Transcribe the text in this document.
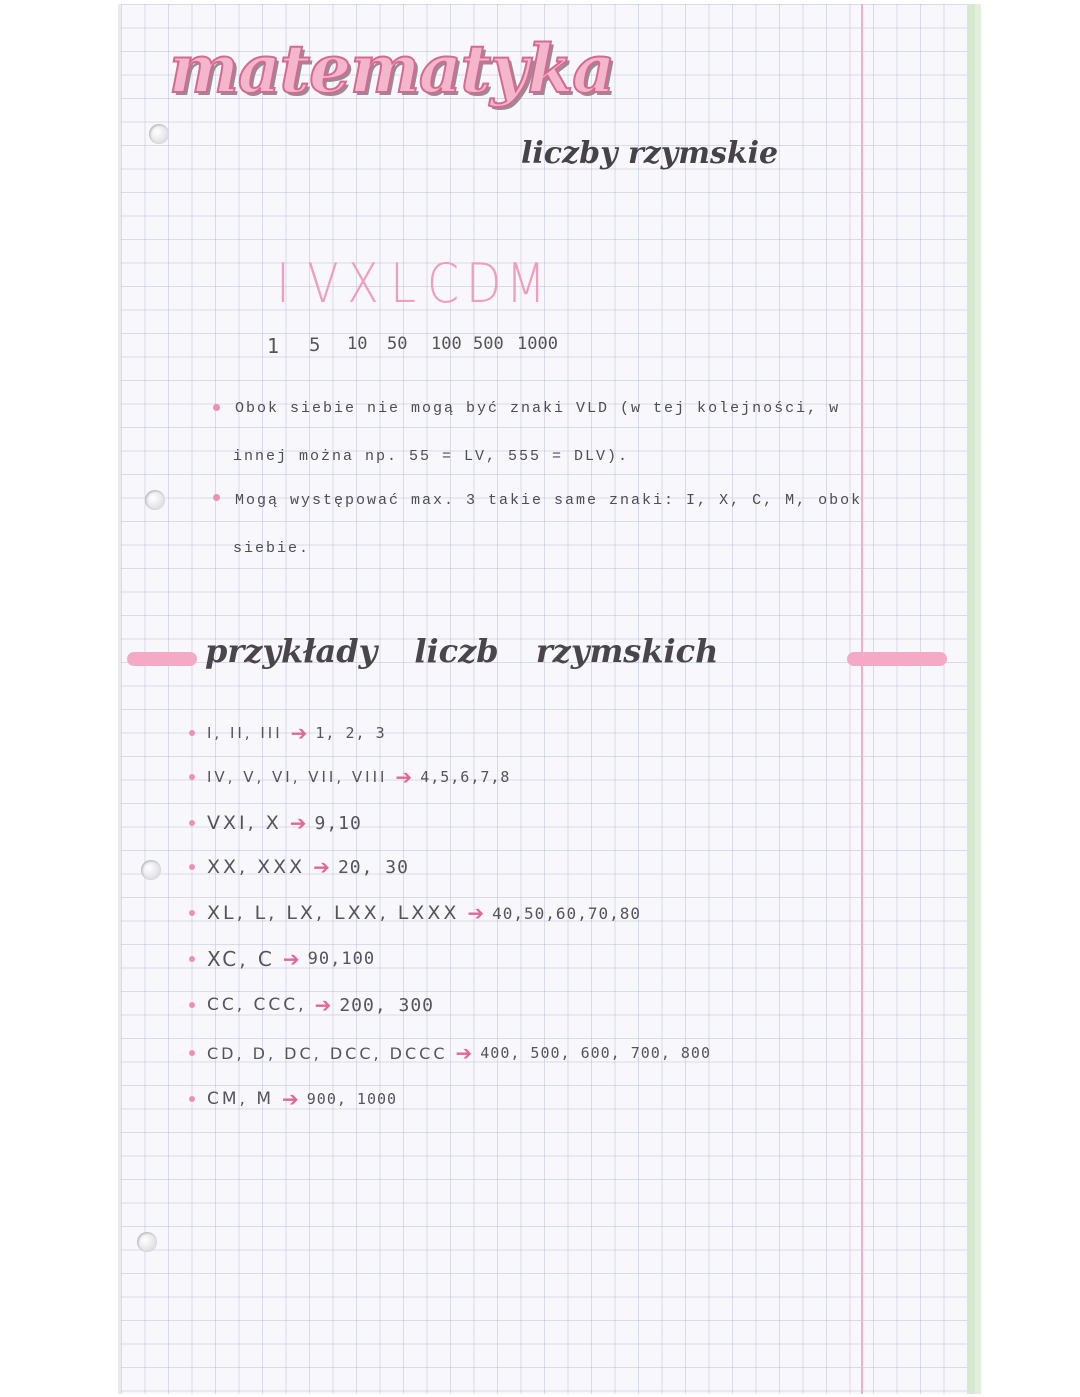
matematyka
liczby rzymskie
I V X L C D M
1 5 10 50 100 500 1000
Obok siebie nie mogą być znaki VLD (w tej kolejności, w
innej można np. 55 = LV, 555 = DLV).
Mogą występować max. 3 takie same znaki: I, X, C, M, obok
siebie.
przykłady liczb rzymskich
I, II, III ➔ 1, 2, 3
IV, V, VI, VII, VIII ➔ 4,5,6,7,8
VXI, X ➔ 9,10
XX, XXX ➔ 20, 30
XL, L, LX, LXX, LXXX ➔ 40,50,60,70,80
XC, C ➔ 90,100
CC, CCC, ➔ 200, 300
CD, D, DC, DCC, DCCC ➔ 400, 500, 600, 700, 800
CM, M ➔ 900, 1000
